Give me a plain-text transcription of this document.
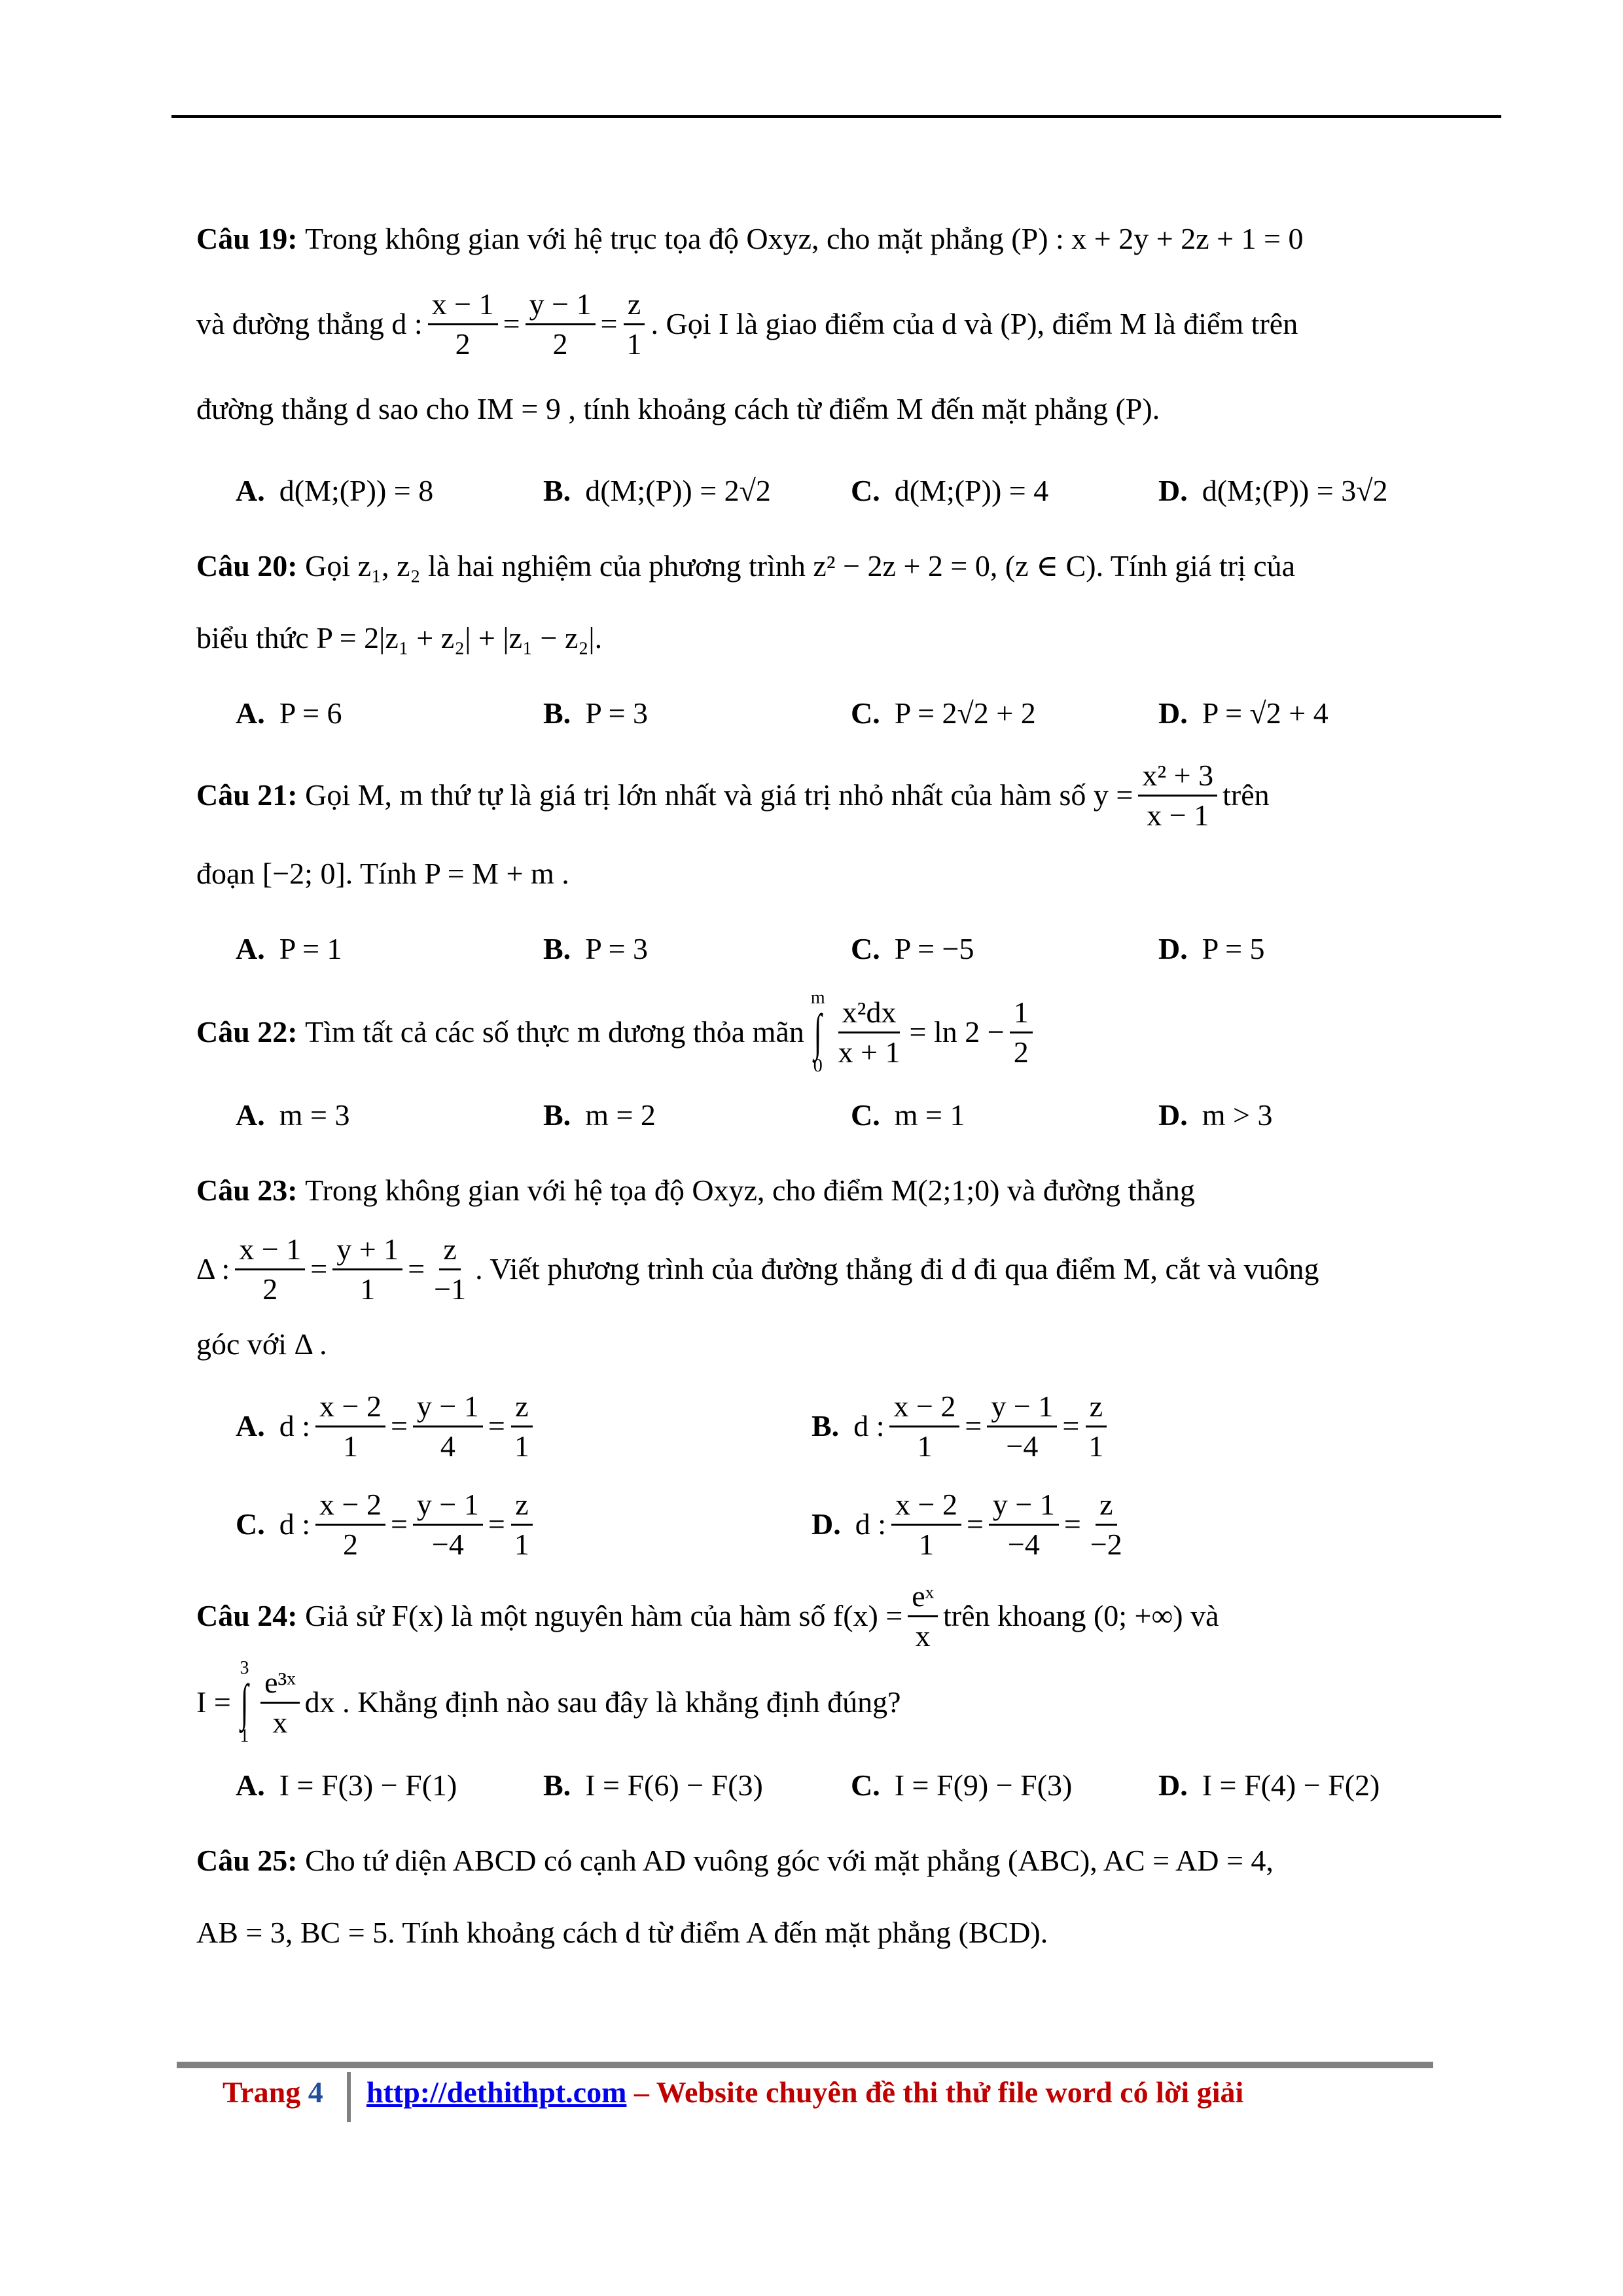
Câu 19:
Trong không gian với hệ trục tọa độ Oxyz, cho mặt phẳng (P) : x + 2y + 2z + 1 = 0
và đường thẳng d : $\frac{x - 1}{2} = \frac{y - 1}{2} = \frac{z}{1}$ . Gọi I là giao điểm của d và (P), điểm M là điểm trên
đường thẳng d sao cho IM = 9 , tính khoảng cách từ điểm M đến mặt phẳng (P).
A. d(M;(P)) = 8	B. d(M;(P)) = 2√2	C. d(M;(P)) = 4	D. d(M;(P)) = 3√2
Câu 20:
Gọi z₁, z₂ là hai nghiệm của phương trình z² − 2z + 2 = 0, (z ∈ C). Tính giá trị của
biểu thức P = 2|z₁ + z₂| + |z₁ − z₂|.
A. P = 6	B. P = 3	C. P = 2√2 + 2	D. P = √2 + 4
Câu 21:
Gọi M, m thứ tự là giá trị lớn nhất và giá trị nhỏ nhất của hàm số $y = \frac{\text{x² + 3}}{x - 1}$ trên
đoạn [−2; 0]. Tính P = M + m .
A. P = 1	B. P = 3	C. P = −5	D. P = 5
Câu 22:
Tìm tất cả các số thực m dương thỏa mãn
m
∫
$0 \frac{\text{x²dx}}{x + 1} = \ln 2 - \frac{1}{2}$
A. m = 3	B. m = 2	C. m = 1	D. m > 3
Câu 23:
Trong không gian với hệ tọa độ Oxyz, cho điểm M(2;1;0) và đường thẳng
Δ : $\frac{x - 1}{2} = \frac{y + 1}{1} = \frac{z}{-1}$ . Viết phương trình của đường thẳng đi d đi qua điểm M, cắt và vuông
góc với Δ .
A. d : $\frac{x - 2}{1} = \frac{y - 1}{4} = \frac{z}{1}$	B. d : $\frac{x - 2}{1} = \frac{y - 1}{-4} = \frac{z}{1}$
C. d : $\frac{x - 2}{2} = \frac{y - 1}{-4} = \frac{z}{1}$	D. d : $\frac{x - 2}{1} = \frac{y - 1}{-4} = \frac{z}{-2}$
Câu 24:
Giả sử F(x) là một nguyên hàm của hàm số $f(x) = \frac{\text{eˣ}}{x}$ trên khoang (0; +∞) và
I =
3
∫
$1 \frac{\text{e³ˣ}}{x}$ dx . Khẳng định nào sau đây là khẳng định đúng?
A. I = F(3) − F(1)	B. I = F(6) − F(3)	C. I = F(9) − F(3)	D. I = F(4) − F(2)
Câu 25:
Cho tứ diện ABCD có cạnh AD vuông góc với mặt phẳng (ABC), AC = AD = 4,
AB = 3, BC = 5. Tính khoảng cách d từ điểm A đến mặt phẳng (BCD).
Trang 4 http://dethithpt.com – Website chuyên đề thi thử file word có lời giải
